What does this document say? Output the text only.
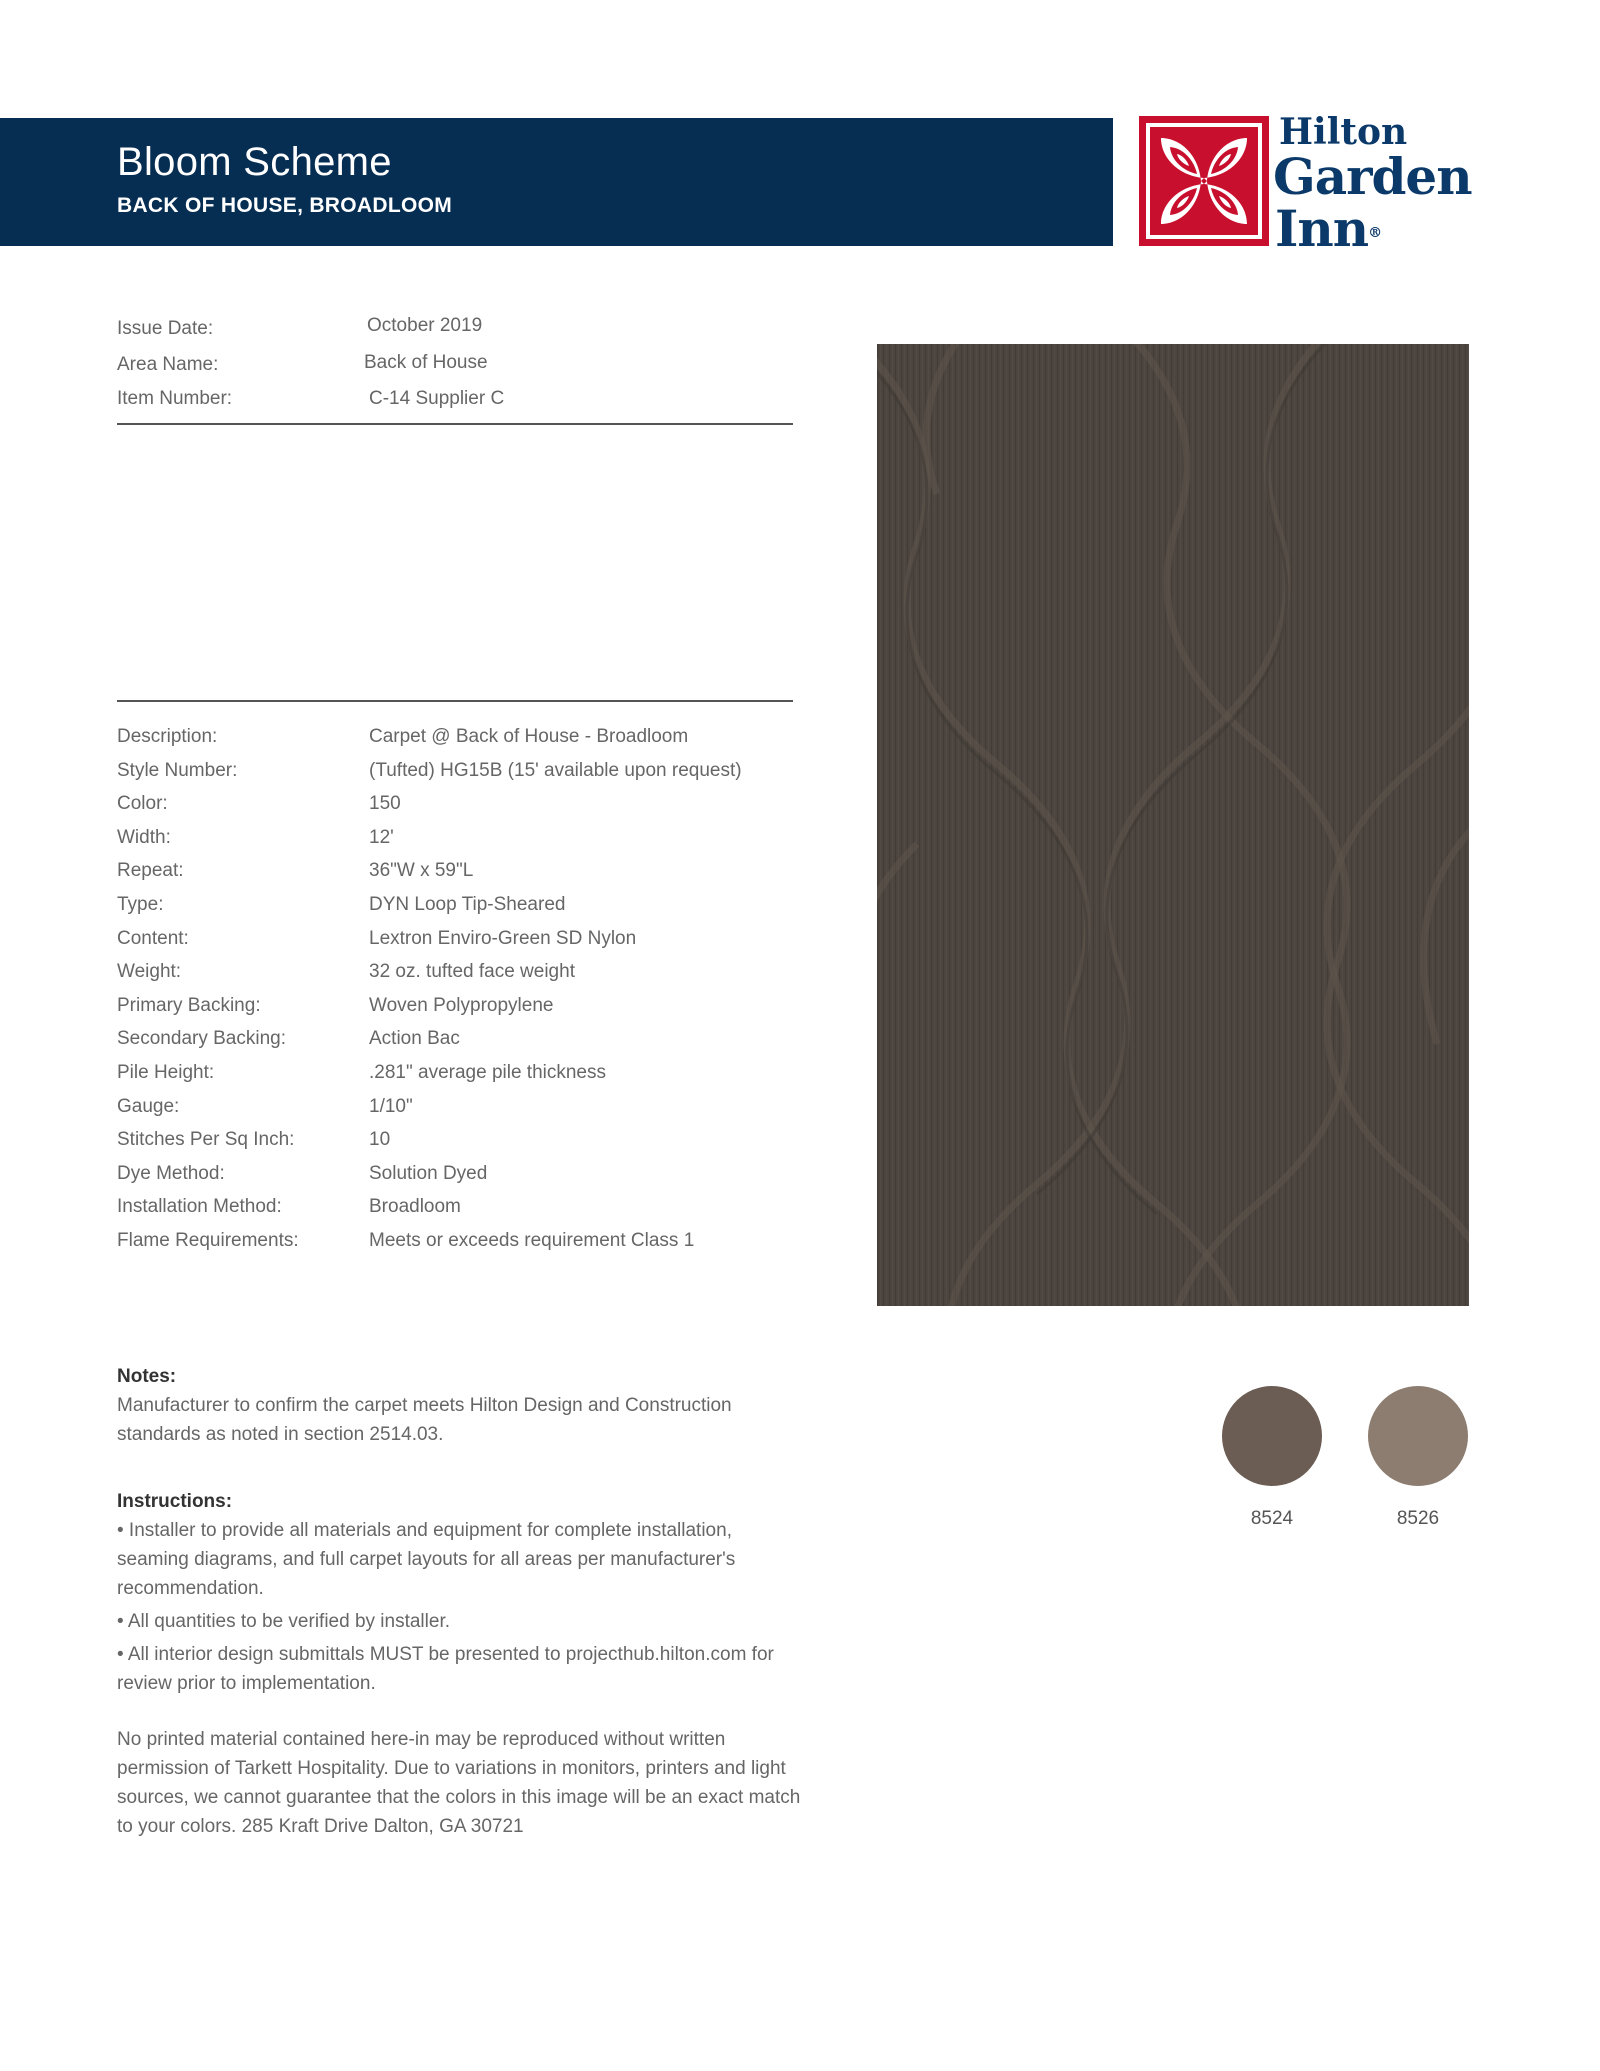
Bloom Scheme
BACK OF HOUSE, BROADLOOM
Hilton
Garden
Inn®
Issue Date:	October 2019
Area Name:	Back of House
Item Number:	C-14 Supplier C
Description:	Carpet @ Back of House - Broadloom
Style Number:	(Tufted) HG15B (15' available upon request)
Color:	150
Width:	12'
Repeat:	36"W x 59"L
Type:	DYN Loop Tip-Sheared
Content:	Lextron Enviro-Green SD Nylon
Weight:	32 oz. tufted face weight
Primary Backing:	Woven Polypropylene
Secondary Backing:	Action Bac
Pile Height:	.281" average pile thickness
Gauge:	1/10"
Stitches Per Sq Inch:	10
Dye Method:	Solution Dyed
Installation Method:	Broadloom
Flame Requirements:	Meets or exceeds requirement Class 1
Notes:

Manufacturer to confirm the carpet meets Hilton Design and Construction standards as noted in section 2514.03.

Instructions:

• Installer to provide all materials and equipment for complete installation, seaming diagrams, and full carpet layouts for all areas per manufacturer's recommendation.

• All quantities to be verified by installer.

• All interior design submittals MUST be presented to projecthub.hilton.com for review prior to implementation.

No printed material contained here-in may be reproduced without written permission of Tarkett Hospitality. Due to variations in monitors, printers and light sources, we cannot guarantee that the colors in this image will be an exact match to your colors. 285 Kraft Drive Dalton, GA 30721

8524	8526
